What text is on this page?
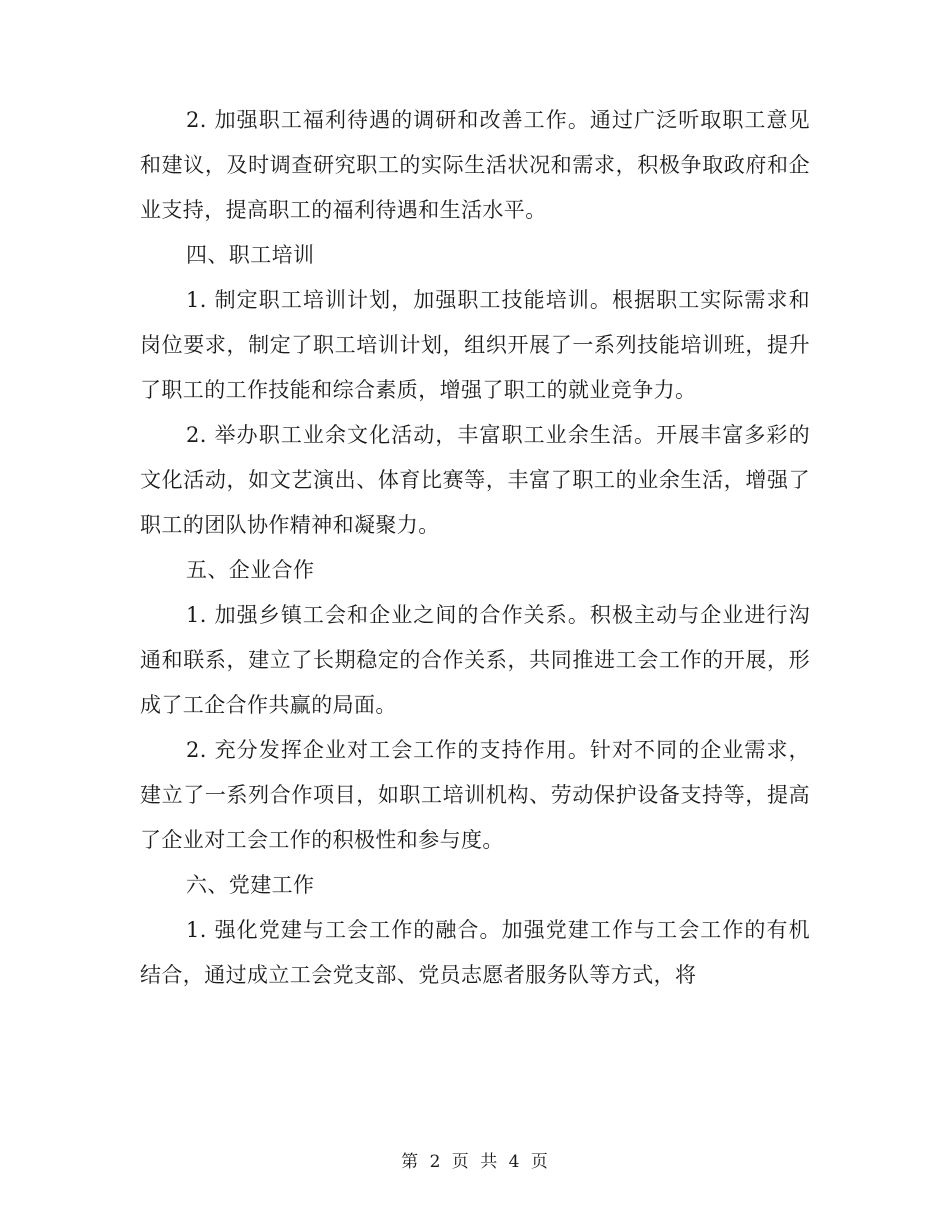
2. 加强职工福利待遇的调研和改善工作。通过广泛听取职工意见和建议，及时调查研究职工的实际生活状况和需求，积极争取政府和企业支持，提高职工的福利待遇和生活水平。

四、职工培训

1. 制定职工培训计划，加强职工技能培训。根据职工实际需求和岗位要求，制定了职工培训计划，组织开展了一系列技能培训班，提升了职工的工作技能和综合素质，增强了职工的就业竞争力。

2. 举办职工业余文化活动，丰富职工业余生活。开展丰富多彩的文化活动，如文艺演出、体育比赛等，丰富了职工的业余生活，增强了职工的团队协作精神和凝聚力。

五、企业合作

1. 加强乡镇工会和企业之间的合作关系。积极主动与企业进行沟通和联系，建立了长期稳定的合作关系，共同推进工会工作的开展，形成了工企合作共赢的局面。

2. 充分发挥企业对工会工作的支持作用。针对不同的企业需求，建立了一系列合作项目，如职工培训机构、劳动保护设备支持等，提高了企业对工会工作的积极性和参与度。

六、党建工作

1. 强化党建与工会工作的融合。加强党建工作与工会工作的有机结合，通过成立工会党支部、党员志愿者服务队等方式，将

第 2 页 共 4 页
